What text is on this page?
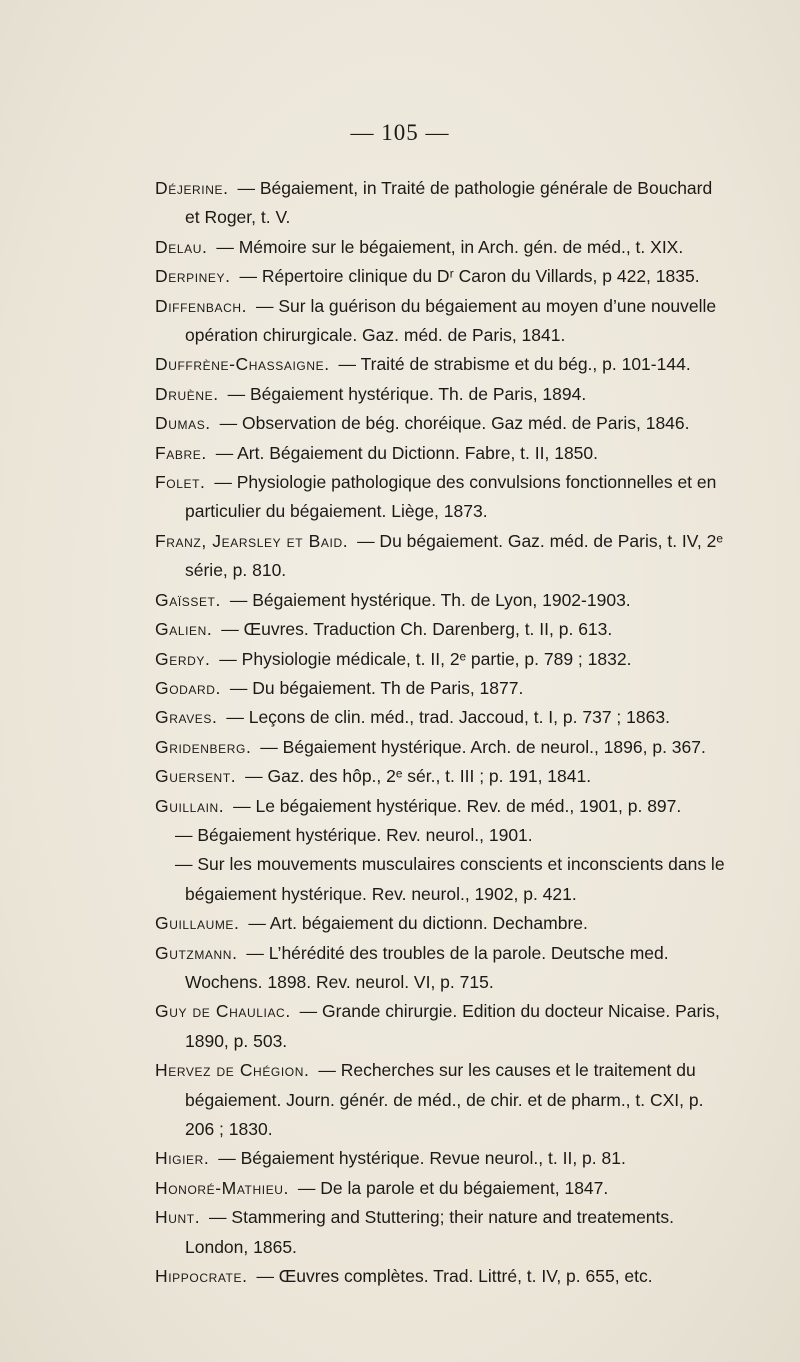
— 105 —

Déjerine. — Bégaiement, in Traité de pathologie générale de Bouchard et Roger, t. V.

Delau. — Mémoire sur le bégaiement, in Arch. gén. de méd., t. XIX.

Derpiney. — Répertoire clinique du Dʳ Caron du Villards, p 422, 1835.

Diffenbach. — Sur la guérison du bégaiement au moyen d’une nouvelle opération chirurgicale. Gaz. méd. de Paris, 1841.

Duffrène-Chassaigne. — Traité de strabisme et du bég., p. 101-144.

Druène. — Bégaiement hystérique. Th. de Paris, 1894.

Dumas. — Observation de bég. choréique. Gaz méd. de Paris, 1846.

Fabre. — Art. Bégaiement du Dictionn. Fabre, t. II, 1850.

Folet. — Physiologie pathologique des convulsions fonctionnelles et en particulier du bégaiement. Liège, 1873.

Franz, Jearsley et Baid. — Du bégaiement. Gaz. méd. de Paris, t. IV, 2ᵉ série, p. 810.

Gaïsset. — Bégaiement hystérique. Th. de Lyon, 1902-1903.

Galien. — Œuvres. Traduction Ch. Darenberg, t. II, p. 613.

Gerdy. — Physiologie médicale, t. II, 2ᵉ partie, p. 789 ; 1832.

Godard. — Du bégaiement. Th de Paris, 1877.

Graves. — Leçons de clin. méd., trad. Jaccoud, t. I, p. 737 ; 1863.

Gridenberg. — Bégaiement hystérique. Arch. de neurol., 1896, p. 367.

Guersent. — Gaz. des hôp., 2ᵉ sér., t. III ; p. 191, 1841.

Guillain. — Le bégaiement hystérique. Rev. de méd., 1901, p. 897.

— Bégaiement hystérique. Rev. neurol., 1901.

— Sur les mouvements musculaires conscients et inconscients dans le bégaiement hystérique. Rev. neurol., 1902, p. 421.

Guillaume. — Art. bégaiement du dictionn. Dechambre.

Gutzmann. — L’hérédité des troubles de la parole. Deutsche med. Wochens. 1898. Rev. neurol. VI, p. 715.

Guy de Chauliac. — Grande chirurgie. Edition du docteur Nicaise. Paris, 1890, p. 503.

Hervez de Chégion. — Recherches sur les causes et le traitement du bégaiement. Journ. génér. de méd., de chir. et de pharm., t. CXI, p. 206 ; 1830.

Higier. — Bégaiement hystérique. Revue neurol., t. II, p. 81.

Honoré-Mathieu. — De la parole et du bégaiement, 1847.

Hunt. — Stammering and Stuttering; their nature and treatements. London, 1865.

Hippocrate. — Œuvres complètes. Trad. Littré, t. IV, p. 655, etc.
